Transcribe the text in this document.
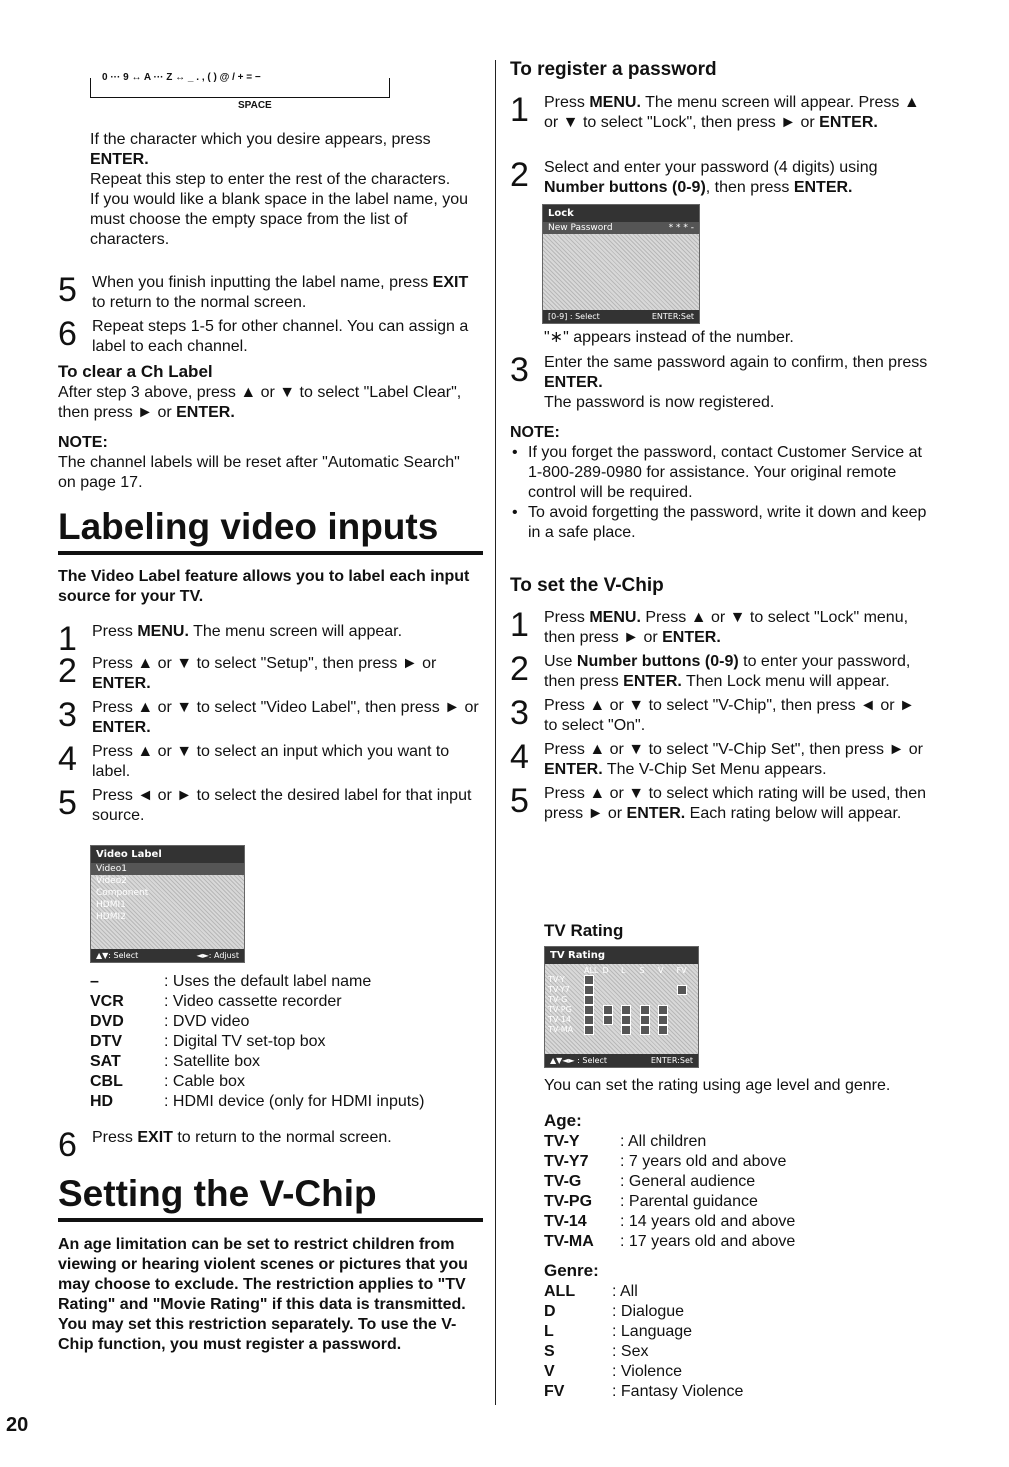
0 ··· 9 ↔ A ··· Z ↔ _ . , ( ) @ / + = −
SPACE
If the character which you desire appears, press
ENTER.
Repeat this step to enter the rest of the characters.
If you would like a blank space in the label name, you must choose the empty space from the list of characters.
5 When you finish inputting the label name, press EXIT to return to the normal screen.
6 Repeat steps 1-5 for other channel. You can assign a label to each channel.
To clear a Ch Label
After step 3 above, press ▲ or ▼ to select "Label Clear", then press ► or ENTER.
NOTE:
The channel labels will be reset after "Automatic Search" on page 17.
Labeling video inputs
The Video Label feature allows you to label each input source for your TV.
1 Press MENU. The menu screen will appear.
2 Press ▲ or ▼ to select "Setup", then press ► or ENTER.
3 Press ▲ or ▼ to select "Video Label", then press ► or ENTER.
4 Press ▲ or ▼ to select an input which you want to label.
5 Press ◄ or ► to select the desired label for that input source.
Video Label
Video1
Video2
Component
HDMI1
HDMI2
▲▼: Select	◄►: Adjust
–	: Uses the default label name
VCR	: Video cassette recorder
DVD	: DVD video
DTV	: Digital TV set-top box
SAT	: Satellite box
CBL	: Cable box
HD	: HDMI device (only for HDMI inputs)
6 Press EXIT to return to the normal screen.
Setting the V-Chip
An age limitation can be set to restrict children from viewing or hearing violent scenes or pictures that you may choose to exclude. The restriction applies to "TV Rating" and "Movie Rating" if this data is transmitted. You may set this restriction separately. To use the V-Chip function, you must register a password.
To register a password
1 Press MENU. The menu screen will appear. Press ▲ or ▼ to select "Lock", then press ► or ENTER.
2 Select and enter your password (4 digits) using Number buttons (0-9), then press ENTER.
Lock
New Password	* * * -
[0-9] : Select	ENTER:Set
"∗" appears instead of the number.
3 Enter the same password again to confirm, then press ENTER.
The password is now registered.
NOTE:
• If you forget the password, contact Customer Service at 1-800-289-0980 for assistance. Your original remote control will be required.
• To avoid forgetting the password, write it down and keep in a safe place.
To set the V-Chip
1 Press MENU. Press ▲ or ▼ to select "Lock" menu, then press ► or ENTER.
2 Use Number buttons (0-9) to enter your password, then press ENTER. Then Lock menu will appear.
3 Press ▲ or ▼ to select "V-Chip", then press ◄ or ► to select "On".
4 Press ▲ or ▼ to select "V-Chip Set", then press ► or ENTER. The V-Chip Set Menu appears.
5 Press ▲ or ▼ to select which rating will be used, then press ► or ENTER. Each rating below will appear.
TV Rating
TV Rating
ALL D	L	S	V	FV
TV-Y
TV-Y7
TV-G
TV-PG
TV-14
TV-MA
▲▼◄► : Select	ENTER:Set
You can set the rating using age level and genre.
Age:
TV-Y	: All children
TV-Y7	: 7 years old and above
TV-G	: General audience
TV-PG	: Parental guidance
TV-14	: 14 years old and above
TV-MA	: 17 years old and above
Genre:
ALL	: All
D	: Dialogue
L	: Language
S	: Sex
V	: Violence
FV	: Fantasy Violence
20
